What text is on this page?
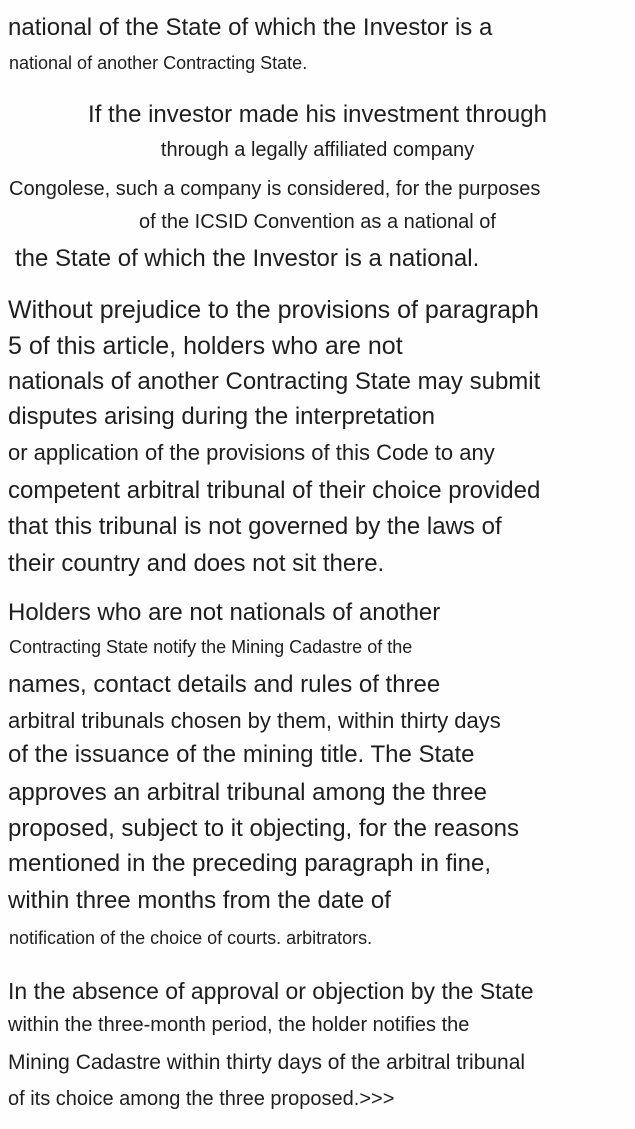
national of the State of which the Investor is a
national of another Contracting State.
If the investor made his investment through
through a legally affiliated company
Congolese, such a company is considered, for the purposes
of the ICSID Convention as a national of
the State of which the Investor is a national.
Without prejudice to the provisions of paragraph
5 of this article, holders who are not
nationals of another Contracting State may submit
disputes arising during the interpretation
or application of the provisions of this Code to any
competent arbitral tribunal of their choice provided
that this tribunal is not governed by the laws of
their country and does not sit there.
Holders who are not nationals of another
Contracting State notify the Mining Cadastre of the
names, contact details and rules of three
arbitral tribunals chosen by them, within thirty days
of the issuance of the mining title. The State
approves an arbitral tribunal among the three
proposed, subject to it objecting, for the reasons
mentioned in the preceding paragraph in fine,
within three months from the date of
notification of the choice of courts. arbitrators.
In the absence of approval or objection by the State
within the three-month period, the holder notifies the
Mining Cadastre within thirty days of the arbitral tribunal
of its choice among the three proposed.>>>
